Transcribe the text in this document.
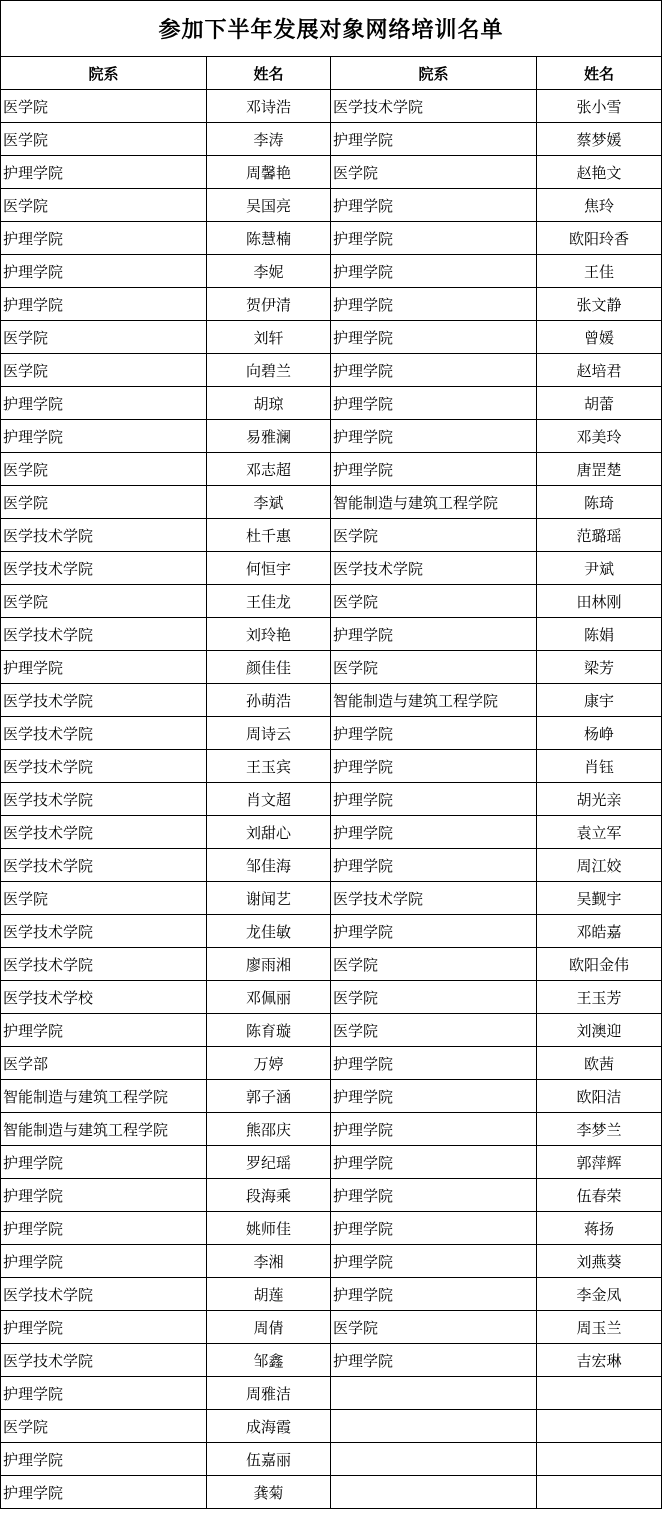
参加下半年发展对象网络培训名单
院系	姓名	院系	姓名
医学院	邓诗浩	医学技术学院	张小雪
医学院	李涛	护理学院	蔡梦媛
护理学院	周馨艳	医学院	赵艳文
医学院	吴国亮	护理学院	焦玲
护理学院	陈慧楠	护理学院	欧阳玲香
护理学院	李妮	护理学院	王佳
护理学院	贺伊清	护理学院	张文静
医学院	刘轩	护理学院	曾媛
医学院	向碧兰	护理学院	赵培君
护理学院	胡琼	护理学院	胡蕾
护理学院	易雅澜	护理学院	邓美玲
医学院	邓志超	护理学院	唐罡楚
医学院	李斌	智能制造与建筑工程学院	陈琦
医学技术学院	杜千惠	医学院	范璐瑶
医学技术学院	何恒宇	医学技术学院	尹斌
医学院	王佳龙	医学院	田林刚
医学技术学院	刘玲艳	护理学院	陈娟
护理学院	颜佳佳	医学院	梁芳
医学技术学院	孙萌浩	智能制造与建筑工程学院	康宇
医学技术学院	周诗云	护理学院	杨峥
医学技术学院	王玉宾	护理学院	肖钰
医学技术学院	肖文超	护理学院	胡光亲
医学技术学院	刘甜心	护理学院	袁立军
医学技术学院	邹佳海	护理学院	周江姣
医学院	谢闻艺	医学技术学院	吴觐宇
医学技术学院	龙佳敏	护理学院	邓皓嘉
医学技术学院	廖雨湘	医学院	欧阳金伟
医学技术学校	邓佩丽	医学院	王玉芳
护理学院	陈育璇	医学院	刘澳迎
医学部	万婷	护理学院	欧茜
智能制造与建筑工程学院	郭子涵	护理学院	欧阳洁
智能制造与建筑工程学院	熊邵庆	护理学院	李梦兰
护理学院	罗纪瑶	护理学院	郭萍辉
护理学院	段海乘	护理学院	伍春荣
护理学院	姚师佳	护理学院	蒋扬
护理学院	李湘	护理学院	刘燕葵
医学技术学院	胡莲	护理学院	李金凤
护理学院	周倩	医学院	周玉兰
医学技术学院	邹鑫	护理学院	吉宏琳
护理学院	周雅洁		
医学院	成海霞		
护理学院	伍嘉丽		
护理学院	龚菊		
